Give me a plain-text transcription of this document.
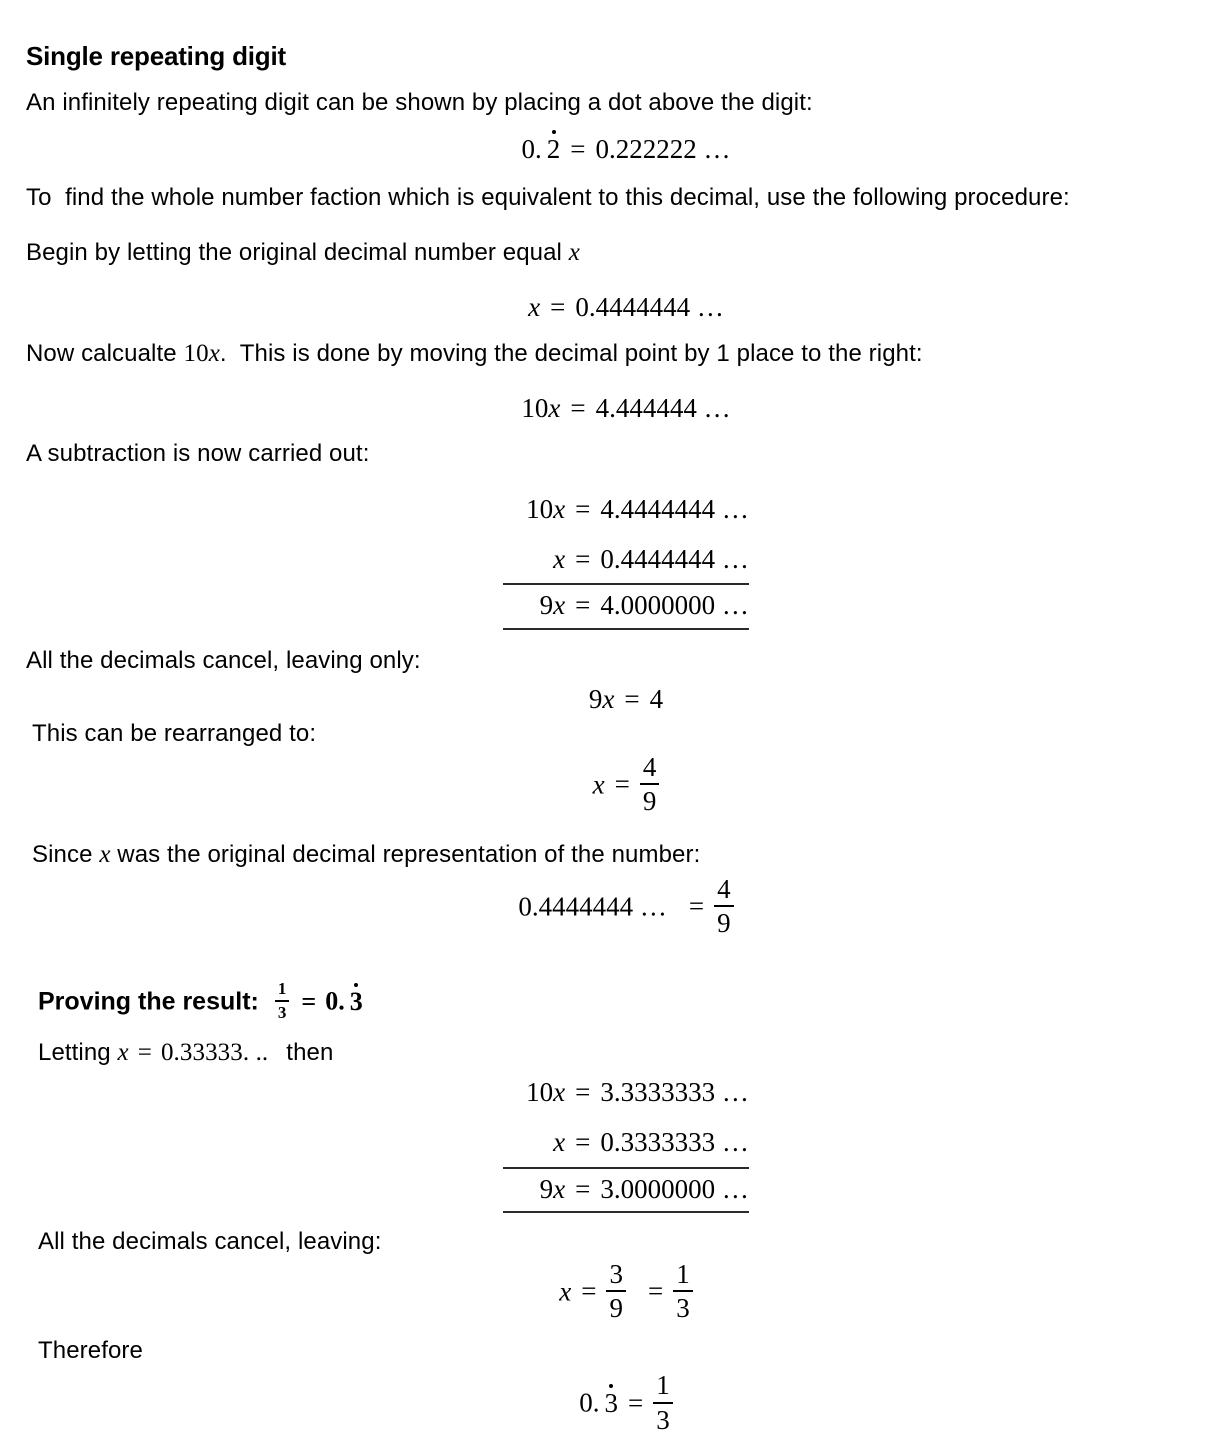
Single repeating digit

An infinitely repeating digit can be shown by placing a dot above the digit:

0. 2 = 0.222222 …

To  find the whole number faction which is equivalent to this decimal, use the following procedure:

Begin by letting the original decimal number equal x

x = 0.4444444 …

Now calcualte 10x.  This is done by moving the decimal point by 1 place to the right:

10x = 4.444444 …

A subtraction is now carried out:

10x = 4.4444444 …
x = 0.4444444 …
9x = 4.0000000 …

All the decimals cancel, leaving only:

9x = 4

This can be rearranged to:

$x = \frac{4}{9}$

Since x was the original decimal representation of the number:

0.4444444 … = $\frac{4}{9}$
Proving the result: $\frac{1}{3} = 0$. 3

Letting x = 0.33333. .. then

10x = 3.3333333 …
x = 0.3333333 …
9x = 3.0000000 …

All the decimals cancel, leaving:

$x = \frac{3}{9} = \frac{1}{3}$

Therefore

0. $3 = \frac{1}{3}$
